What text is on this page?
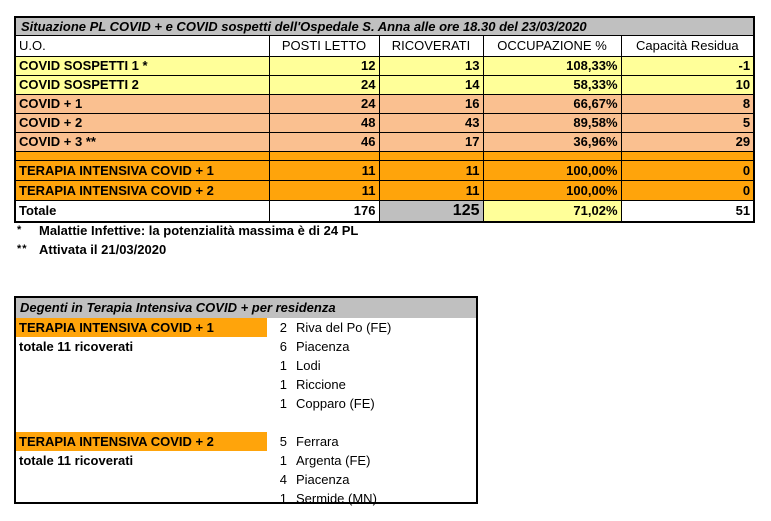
Situazione PL COVID + e COVID sospetti dell'Ospedale S. Anna alle ore 18.30 del 23/03/2020				
U.O.	POSTI LETTO	RICOVERATI	OCCUPAZIONE %	Capacità Residua
COVID SOSPETTI 1 *	12	13	108,33%	-1
COVID SOSPETTI 2	24	14	58,33%	10
COVID + 1	24	16	66,67%	8
COVID + 2	48	43	89,58%	5
COVID + 3 **	46	17	36,96%	29

TERAPIA INTENSIVA COVID + 1	11	11	100,00%	0
TERAPIA INTENSIVA COVID + 2	11	11	100,00%	0
Totale	176	125	71,02%	51
*	Malattie Infettive: la potenzialità massima è di 24 PL
** Attivata il 21/03/2020
Degenti in Terapia Intensiva COVID + per residenza
TERAPIA INTENSIVA COVID + 1	2 Riva del Po (FE)
totale 11 ricoverati	6 Piacenza
1 Lodi
1 Riccione
1 Copparo (FE)
TERAPIA INTENSIVA COVID + 2	5 Ferrara
totale 11 ricoverati	1 Argenta (FE)
4 Piacenza
1 Sermide (MN)
